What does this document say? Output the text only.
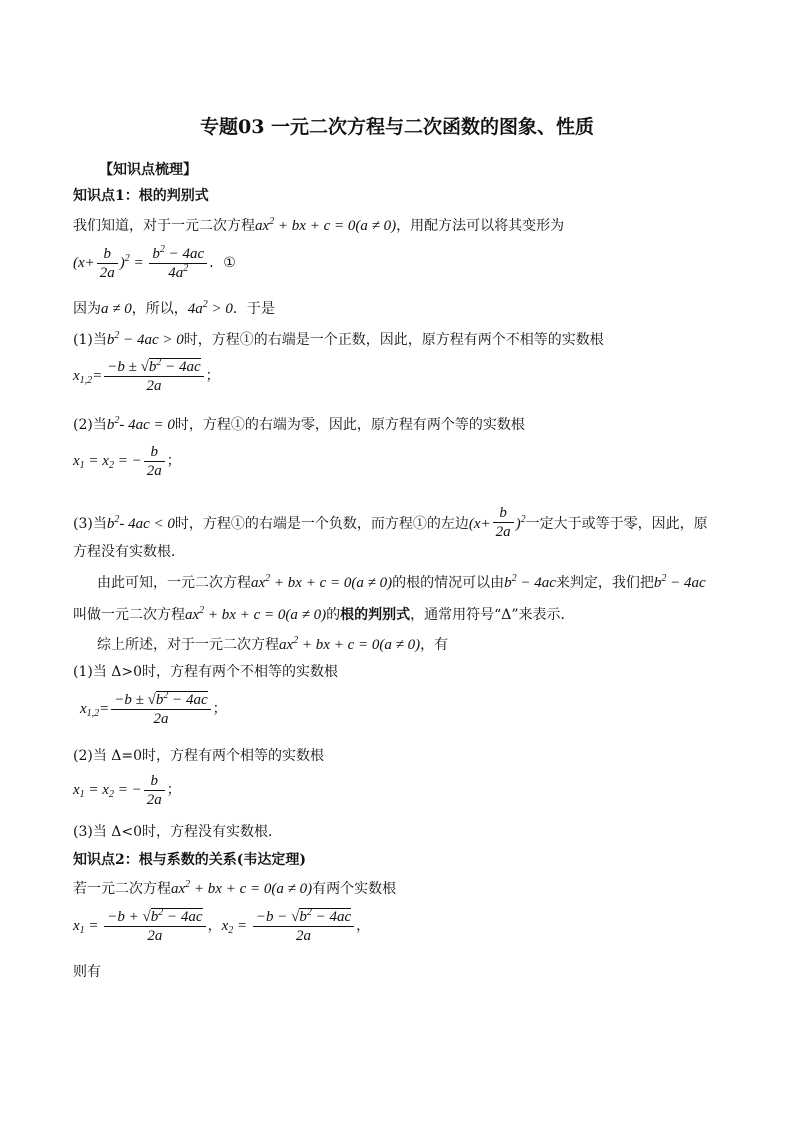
专题03 一元二次方程与二次函数的图象、性质
【知识点梳理】
知识点1：根的判别式
我们知道，对于一元二次方程$ax^2$ + bx + c = 0(a ≠ 0)，用配方法可以将其变形为
$(x+ \frac{b}{2a} )^2 = \frac{b^2 - 4ac}{4a^2}$ ．①
因为a ≠ 0，所以，$4a^2 > 0$．于是
(1)当$b^2 - 4ac > 0$时，方程①的右端是一个正数，因此，原方程有两个不相等的实数根
$x_{1,2}= \frac{-b \pm √b^2 - 4ac}{2a}$ ；
(2)当$b^2-$ 4ac = 0时，方程①的右端为零，因此，原方程有两个等的实数根
$x_1 = x_2$ = − $\frac{b}{2a}$ ；
(3)当$b^2-$ 4ac < 0时，方程①的右端是一个负数，而方程①的左边$(x+ \frac{b}{2a} )^2$一定大于或等于零，因此，原
方程没有实数根．
由此可知，一元二次方程$ax^2$ + bx + c = 0(a ≠ 0)的根的情况可以由$b^2 - 4ac$来判定，我们把$b^2 - 4ac$
叫做一元二次方程$ax^2$ + bx + c = 0(a ≠ 0)的根的判别式，通常用符号“Δ”来表示．
综上所述，对于一元二次方程$ax^2$ + bx + c = 0(a ≠ 0)，有
(1)当 Δ>0时，方程有两个不相等的实数根
$x_{1,2}= \frac{-b \pm √b^2 - 4ac}{2a}$ ；
(2)当 Δ=0时，方程有两个相等的实数根
$x_1 = x_2$ = − $\frac{b}{2a}$ ；
(3)当 Δ<0时，方程没有实数根．
知识点2：根与系数的关系(韦达定理)
若一元二次方程$ax^2$ + bx + c = 0(a ≠ 0)有两个实数根
$x_1 = \frac{-b + √b^2 - 4ac}{2a}$ ，$x_2 = \frac{-b - √b^2 - 4ac}{2a}$ ，
则有
